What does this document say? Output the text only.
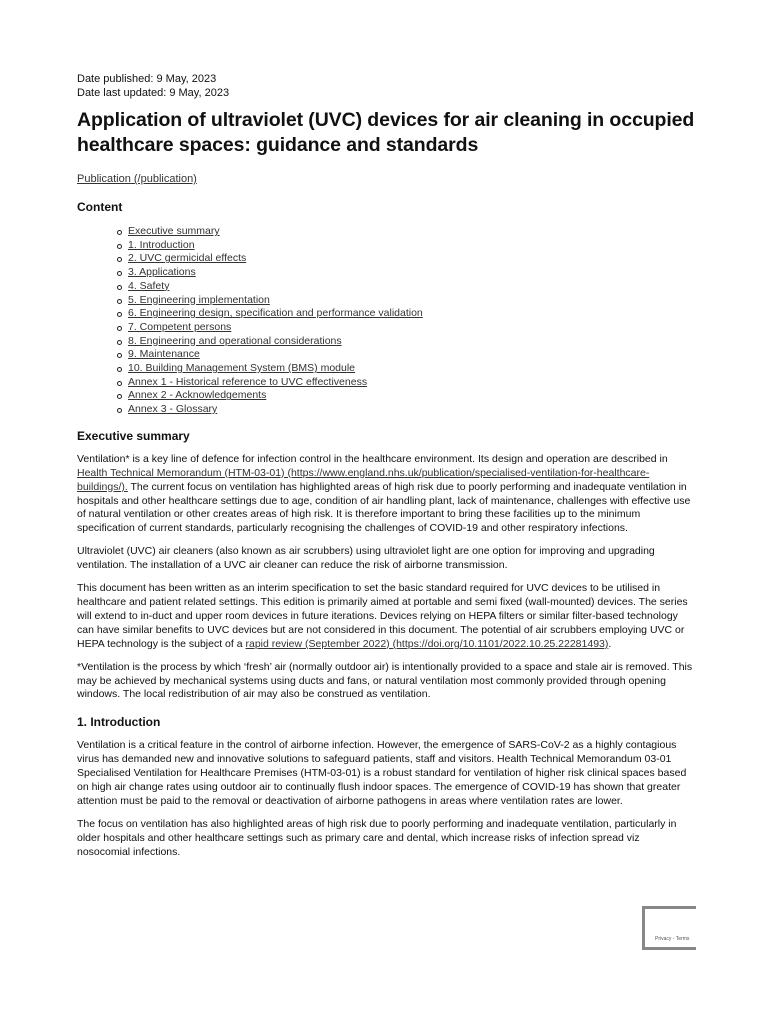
Date published: 9 May, 2023

Date last updated: 9 May, 2023

Application of ultraviolet (UVC) devices for air cleaning in occupied healthcare spaces: guidance and standards
Publication (/publication)
Content
Executive summary
1. Introduction
2. UVC germicidal effects
3. Applications
4. Safety
5. Engineering implementation
6. Engineering design, specification and performance validation
7. Competent persons
8. Engineering and operational considerations
9. Maintenance
10. Building Management System (BMS) module
Annex 1 - Historical reference to UVC effectiveness
Annex 2 - Acknowledgements
Annex 3 - Glossary
Executive summary

Ventilation* is a key line of defence for infection control in the healthcare environment. Its design and operation are described in Health Technical Memorandum (HTM-03-01) (https://www.england.nhs.uk/publication/specialised-ventilation-for-healthcare-buildings/). The current focus on ventilation has highlighted areas of high risk due to poorly performing and inadequate ventilation in hospitals and other healthcare settings due to age, condition of air handling plant, lack of maintenance, challenges with effective use of natural ventilation or other creates areas of high risk. It is therefore important to bring these facilities up to the minimum specification of current standards, particularly recognising the challenges of COVID-19 and other respiratory infections.

Ultraviolet (UVC) air cleaners (also known as air scrubbers) using ultraviolet light are one option for improving and upgrading ventilation. The installation of a UVC air cleaner can reduce the risk of airborne transmission.

This document has been written as an interim specification to set the basic standard required for UVC devices to be utilised in healthcare and patient related settings. This edition is primarily aimed at portable and semi fixed (wall-mounted) devices. The series will extend to in-duct and upper room devices in future iterations. Devices relying on HEPA filters or similar filter-based technology can have similar benefits to UVC devices but are not considered in this document. The potential of air scrubbers employing UVC or HEPA technology is the subject of a rapid review (September 2022) (https://doi.org/10.1101/2022.10.25.22281493).

*Ventilation is the process by which ‘fresh’ air (normally outdoor air) is intentionally provided to a space and stale air is removed. This may be achieved by mechanical systems using ducts and fans, or natural ventilation most commonly provided through opening windows. The local redistribution of air may also be construed as ventilation.

1. Introduction

Ventilation is a critical feature in the control of airborne infection. However, the emergence of SARS-CoV-2 as a highly contagious virus has demanded new and innovative solutions to safeguard patients, staff and visitors. Health Technical Memorandum 03-01 Specialised Ventilation for Healthcare Premises (HTM-03-01) is a robust standard for ventilation of higher risk clinical spaces based on high air change rates using outdoor air to continually flush indoor spaces. The emergence of COVID-19 has shown that greater attention must be paid to the removal or deactivation of airborne pathogens in areas where ventilation rates are lower.

The focus on ventilation has also highlighted areas of high risk due to poorly performing and inadequate ventilation, particularly in older hospitals and other healthcare settings such as primary care and dental, which increase risks of infection spread viz nosocomial infections.

Privacy - Terms
